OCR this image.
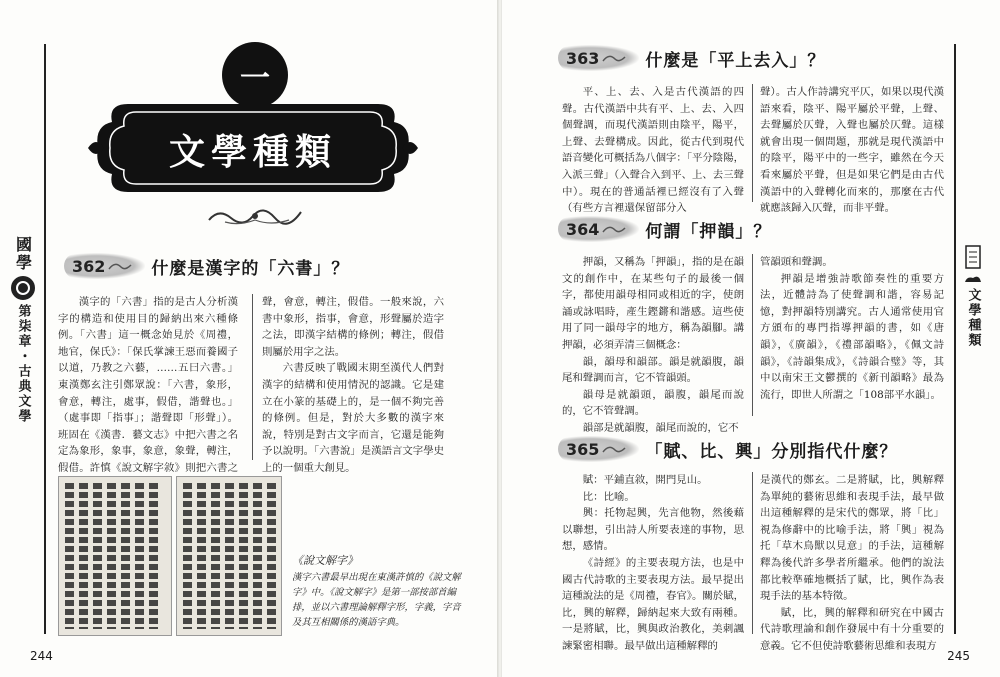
國學
第柒章・古典文學
一
文學種類
362	什麼是漢字的「六書」？

漢字的「六書」指的是古人分析漢字的構造和使用目的歸納出來六種條例。「六書」這一概念始見於《周禮，地官，保氏》：「保氏掌諫王惡而養國子以道，乃教之六藝，……五曰六書。」東漢鄭玄注引鄭眾說：「六書，象形，會意，轉注，處事，假借，諧聲也。」（處事即「指事」；諧聲即「形聲」）。班固在《漢書．藝文志》中把六書之名定為象形，象事，象意，象聲，轉注，假借。許慎《說文解字敘》則把六書之

聲，會意，轉注，假借。一般來說，六書中象形，指事，會意，形聲屬於造字之法，即漢字結構的條例；轉注，假借則屬於用字之法。

六書反映了戰國末期至漢代人們對漢字的結構和使用情況的認識。它是建立在小篆的基礎上的，是一個不夠完善的條例。但是，對於大多數的漢字來說，特別是對古文字而言，它還是能夠予以說明。「六書說」是漢語言文字學史上的一個重大創見。

《說文解字》
漢字六書最早出現在東漢許慎的《說文解字》中。《說文解字》是第一部按部首編排，並以六書理論解釋字形，字義，字音及其互相關係的漢語字典。
244
文學種類
363	什麼是「平上去入」？

平、上、去、入是古代漢語的四聲。古代漢語中共有平、上、去、入四個聲調，而現代漢語則由陰平，陽平，上聲、去聲構成。因此，從古代到現代語音變化可概括為八個字：「平分陰陽，入派三聲」（入聲合入到平、上、去三聲中）。現在的普通話裡已經沒有了入聲（有些方言裡還保留部分入

聲）。古人作詩講究平仄，如果以現代漢語來看，陰平、陽平屬於平聲，上聲、去聲屬於仄聲，入聲也屬於仄聲。這樣就會出現一個問題，那就是現代漢語中的陰平，陽平中的一些字，雖然在今天看來屬於平聲，但是如果它們是由古代漢語中的入聲轉化而來的，那麼在古代就應該歸入仄聲，而非平聲。

364	何謂「押韻」？

押韻，又稱為「押韻」，指的是在韻文的創作中，在某些句子的最後一個字，都使用韻母相同或相近的字，使朗誦或詠唱時，產生鏗鏘和諧感。這些使用了同一韻母字的地方，稱為韻腳。講押韻，必須弄清三個概念：

韻，韻母和韻部。韻是就韻腹，韻尾和聲調而言，它不管韻頭。

韻母是就韻頭，韻腹，韻尾而說的，它不管聲調。

韻部是就韻腹，韻尾而說的，它不

管韻頭和聲調。

押韻是增強詩歌節奏性的重要方法，近體詩為了使聲調和諧，容易記憶，對押韻特別講究。古人通常使用官方頒布的專門指導押韻的書，如《唐韻》，《廣韻》，《禮部韻略》，《佩文詩韻》，《詩韻集成》，《詩韻合璧》等，其中以南宋王文鬱撰的《新刊韻略》最為流行，即世人所謂之「108部平水韻」。

365	「賦、比、興」分別指代什麼？

賦：平鋪直敘，開門見山。

比：比喻。

興：托物起興，先言他物，然後藉以聯想，引出詩人所要表達的事物，思想，感情。

《詩經》的主要表現方法，也是中國古代詩歌的主要表現方法。最早提出這種說法的是《周禮，春官》。關於賦，比，興的解釋，歸納起來大致有兩種。一是將賦，比，興與政治教化，美刺諷諫緊密相聯。最早做出這種解釋的

是漢代的鄭玄。二是將賦，比，興解釋為單純的藝術思維和表現手法，最早做出這種解釋的是宋代的鄭眾，將「比」視為修辭中的比喻手法，將「興」視為托「草木鳥獸以見意」的手法，這種解釋為後代許多學者所繼承。他們的說法都比較準確地概括了賦，比，興作為表現手法的基本特徵。

賦，比，興的解釋和研究在中國古代詩歌理論和創作發展中有十分重要的意義。它不但使詩歌藝術思維和表現方

245
